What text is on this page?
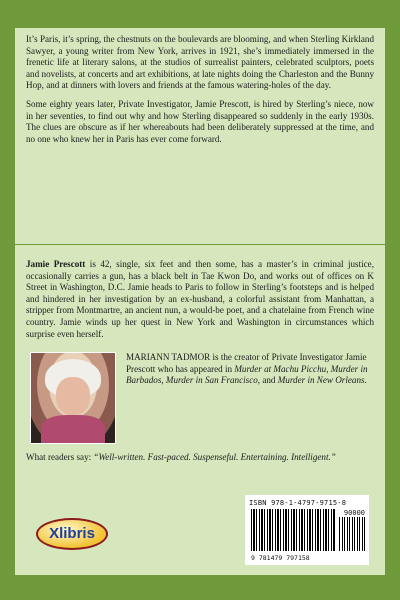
It’s Paris, it’s spring, the chestnuts on the boulevards are blooming, and when Sterling Kirkland Sawyer, a young writer from New York, arrives in 1921, she’s immediately immersed in the frenetic life at literary salons, at the studios of surrealist painters, celebrated sculptors, poets and novelists, at concerts and art exhibitions, at late nights doing the Charleston and the Bunny Hop, and at dinners with lovers and friends at the famous watering-holes of the day.

Some eighty years later, Private Investigator, Jamie Prescott, is hired by Sterling’s niece, now in her seventies, to find out why and how Sterling disappeared so suddenly in the early 1930s. The clues are obscure as if her whereabouts had been deliberately suppressed at the time, and no one who knew her in Paris has ever come forward.

Jamie Prescott is 42, single, six feet and then some, has a master’s in criminal justice, occasionally carries a gun, has a black belt in Tae Kwon Do, and works out of offices on K Street in Washington, D.C. Jamie heads to Paris to follow in Sterling’s footsteps and is helped and hindered in her investigation by an ex-husband, a colorful assistant from Manhattan, a stripper from Montmartre, an ancient nun, a would-be poet, and a chatelaine from French wine country. Jamie winds up her quest in New York and Washington in circumstances which surprise even herself.

MARIANN TADMOR is the creator of Private Investigator Jamie Prescott who has appeared in Murder at Machu Picchu, Murder in Barbados, Murder in San Francisco, and Murder in New Orleans.

What readers say: “Well-written. Fast-paced. Suspenseful. Entertaining. Intelligent.”

Xlibris
ISBN 978-1-4797-9715-8
90000
9 781479 797158
